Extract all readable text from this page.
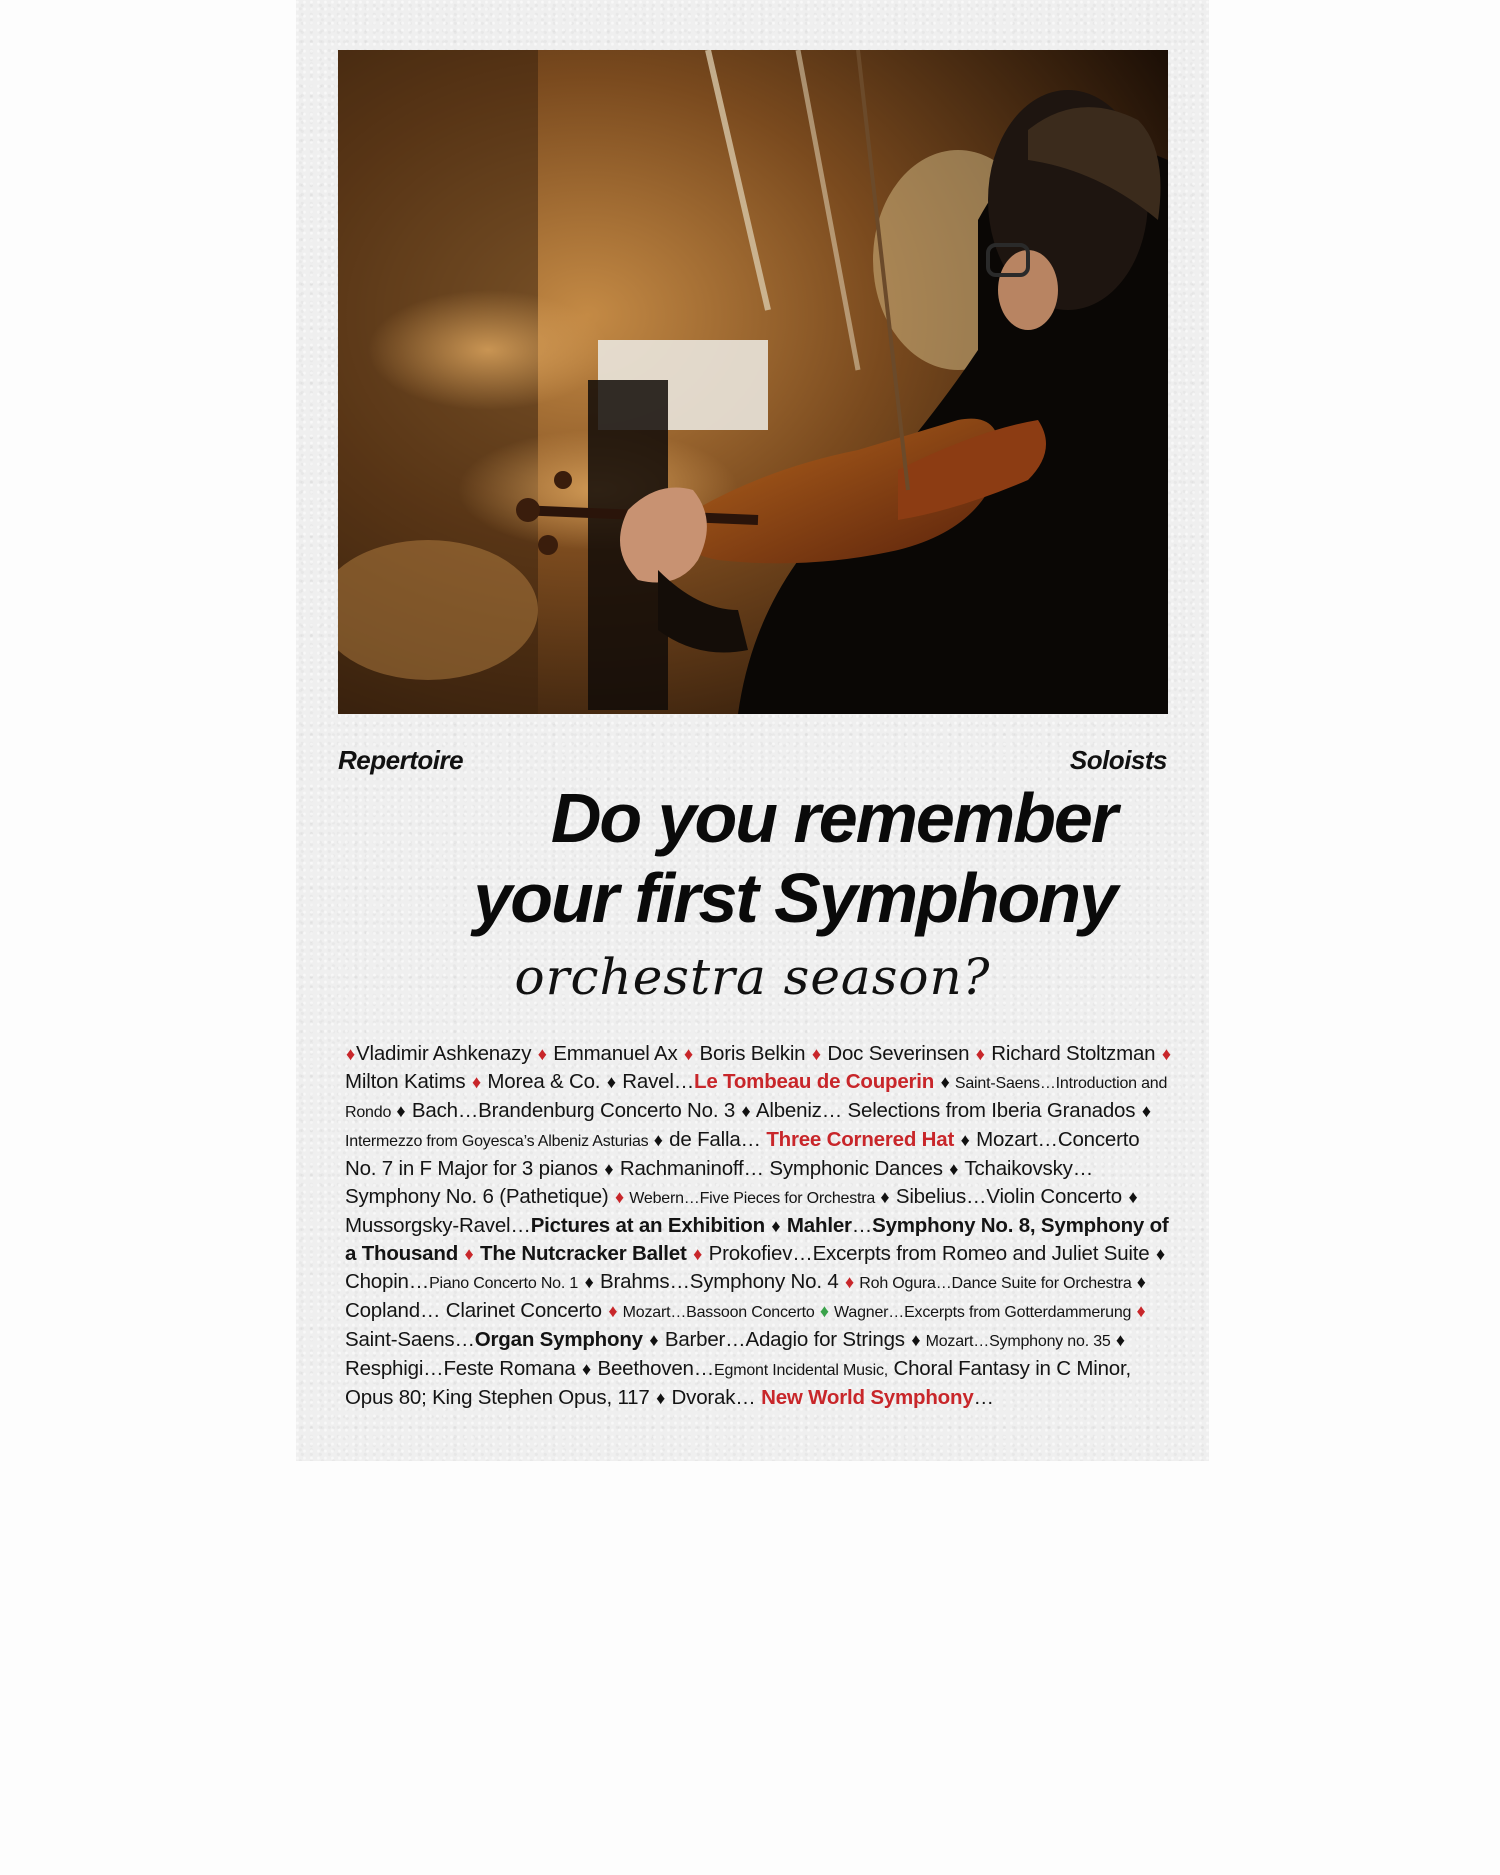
Repertoire	Soloists
Do you remember
your first Symphony
orchestra season?
♦Vladimir Ashkenazy ♦ Emmanuel Ax ♦ Boris Belkin ♦ Doc Severinsen ♦ Richard Stoltzman ♦ Milton Katims ♦ Morea & Co. ♦ Ravel…Le Tombeau de Couperin ♦ Saint-Saens…Introduction and Rondo ♦ Bach…Brandenburg Concerto No. 3 ♦ Albeniz… Selections from Iberia Granados ♦ Intermezzo from Goyesca’s Albeniz Asturias ♦ de Falla… Three Cornered Hat ♦ Mozart…Concerto No. 7 in F Major for 3 pianos ♦ Rachmaninoff… Symphonic Dances ♦ Tchaikovsky…Symphony No. 6 (Pathetique) ♦ Webern…Five Pieces for Orchestra ♦ Sibelius…Violin Concerto ♦ Mussorgsky-Ravel…Pictures at an Exhibition ♦ Mahler…Symphony No. 8, Symphony of a Thousand ♦ The Nutcracker Ballet ♦ Prokofiev…Excerpts from Romeo and Juliet Suite ♦ Chopin…Piano Concerto No. 1 ♦ Brahms…Symphony No. 4 ♦ Roh Ogura…Dance Suite for Orchestra ♦ Copland… Clarinet Concerto ♦ Mozart…Bassoon Concerto ♦ Wagner…Excerpts from Gotterdammerung ♦ Saint-Saens…Organ Symphony ♦ Barber…Adagio for Strings ♦ Mozart…Symphony no. 35 ♦ Resphigi…Feste Romana ♦ Beethoven…Egmont Incidental Music, Choral Fantasy in C Minor, Opus 80; King Stephen Opus, 117 ♦ Dvorak… New World Symphony…
